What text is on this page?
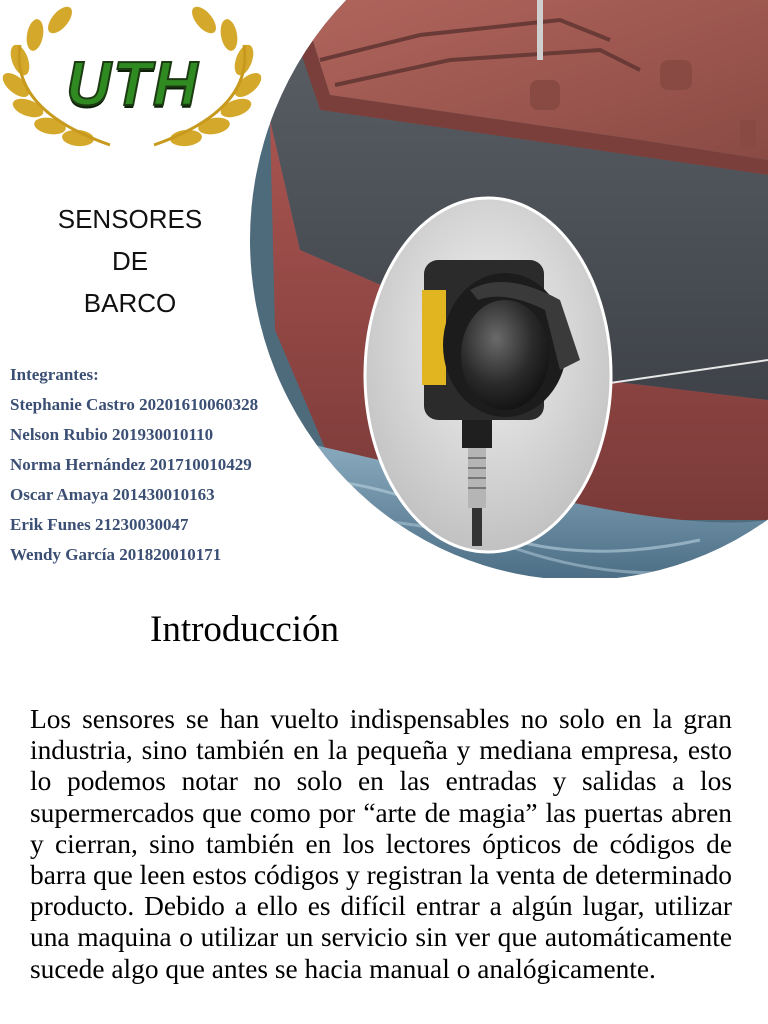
UTH
SENSORES
DE
BARCO
Integrantes:
Stephanie Castro 20201610060328
Nelson Rubio 201930010110
Norma Hernández 201710010429
Oscar Amaya 201430010163
Erik Funes 21230030047
Wendy García 201820010171
Introducción
Los sensores se han vuelto indispensables no solo en la gran industria, sino también en la pequeña y mediana empresa, esto lo podemos notar no solo en las entradas y salidas a los supermercados que como por “arte de magia” las puertas abren y cierran, sino también en los lectores ópticos de códigos de barra que leen estos códigos y registran la venta de determinado producto. Debido a ello es difícil entrar a algún lugar, utilizar una maquina o utilizar un servicio sin ver que automáticamente sucede algo que antes se hacia manual o analógicamente.
